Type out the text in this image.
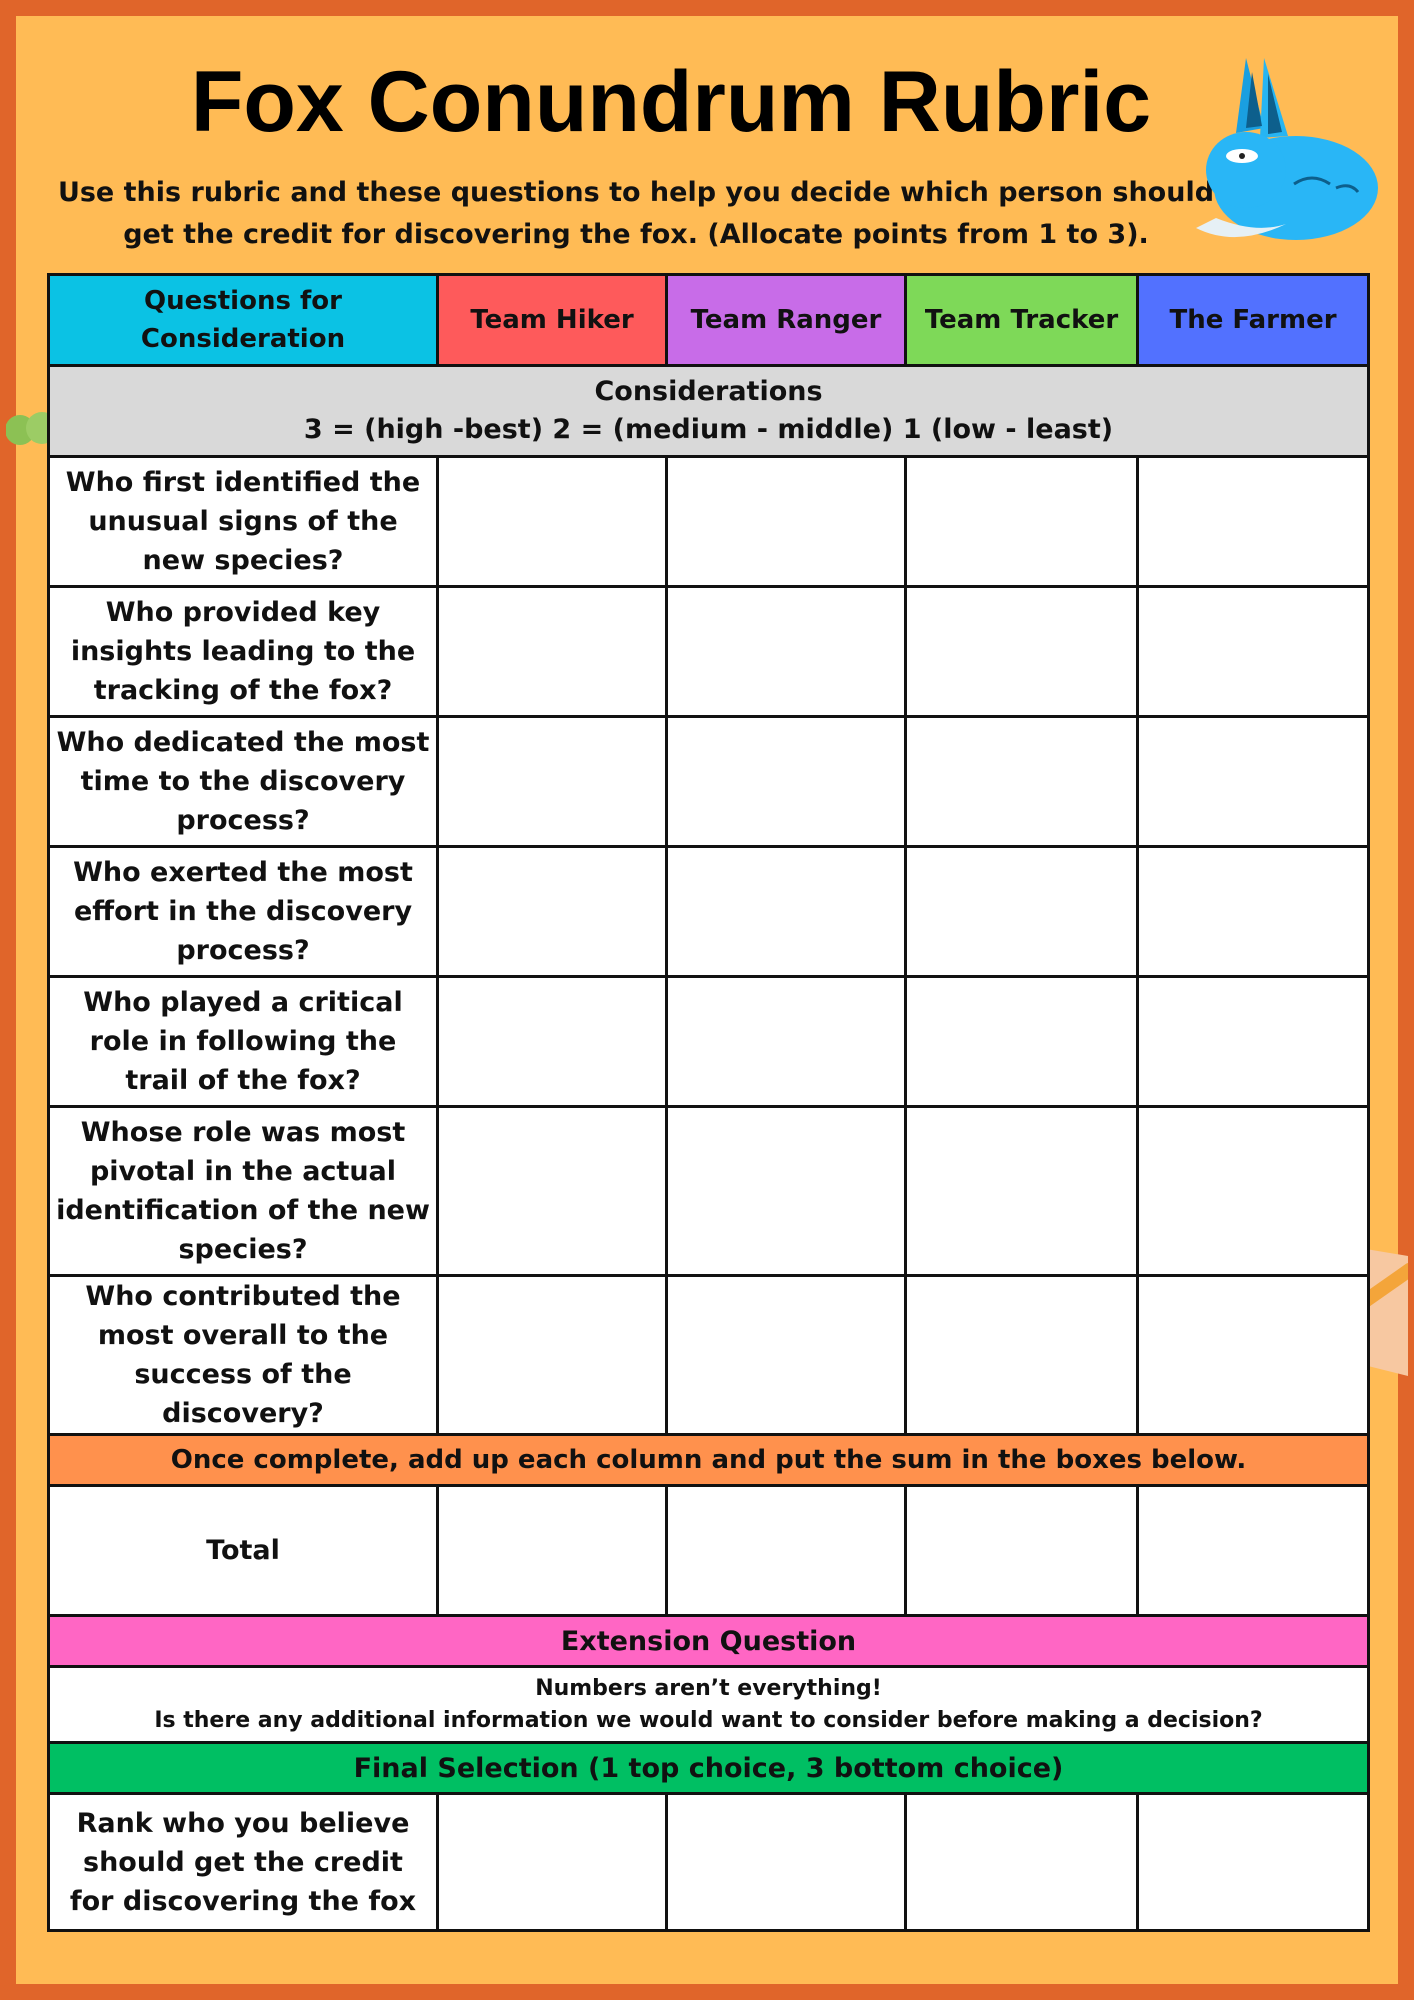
Fox Conundrum Rubric

Use this rubric and these questions to help you decide which person should
get the credit for discovering the fox. (Allocate points from 1 to 3).

Questions for
Consideration	Team Hiker	Team Ranger	Team Tracker	The Farmer
Considerations
3 = (high -best) 2 = (medium - middle) 1 (low - least)				
Who first identified the unusual signs of the new species?				
Who provided key insights leading to the tracking of the fox?				
Who dedicated the most time to the discovery process?				
Who exerted the most effort in the discovery process?				
Who played a critical role in following the trail of the fox?				
Whose role was most pivotal in the actual identification of the new species?				
Who contributed the most overall to the success of the discovery?				
Once complete, add up each column and put the sum in the boxes below.				
Total				
Extension Question				
Numbers aren’t everything!
Is there any additional information we would want to consider before making a decision?				
Final Selection (1 top choice, 3 bottom choice)				
Rank who you believe should get the credit for discovering the fox				
